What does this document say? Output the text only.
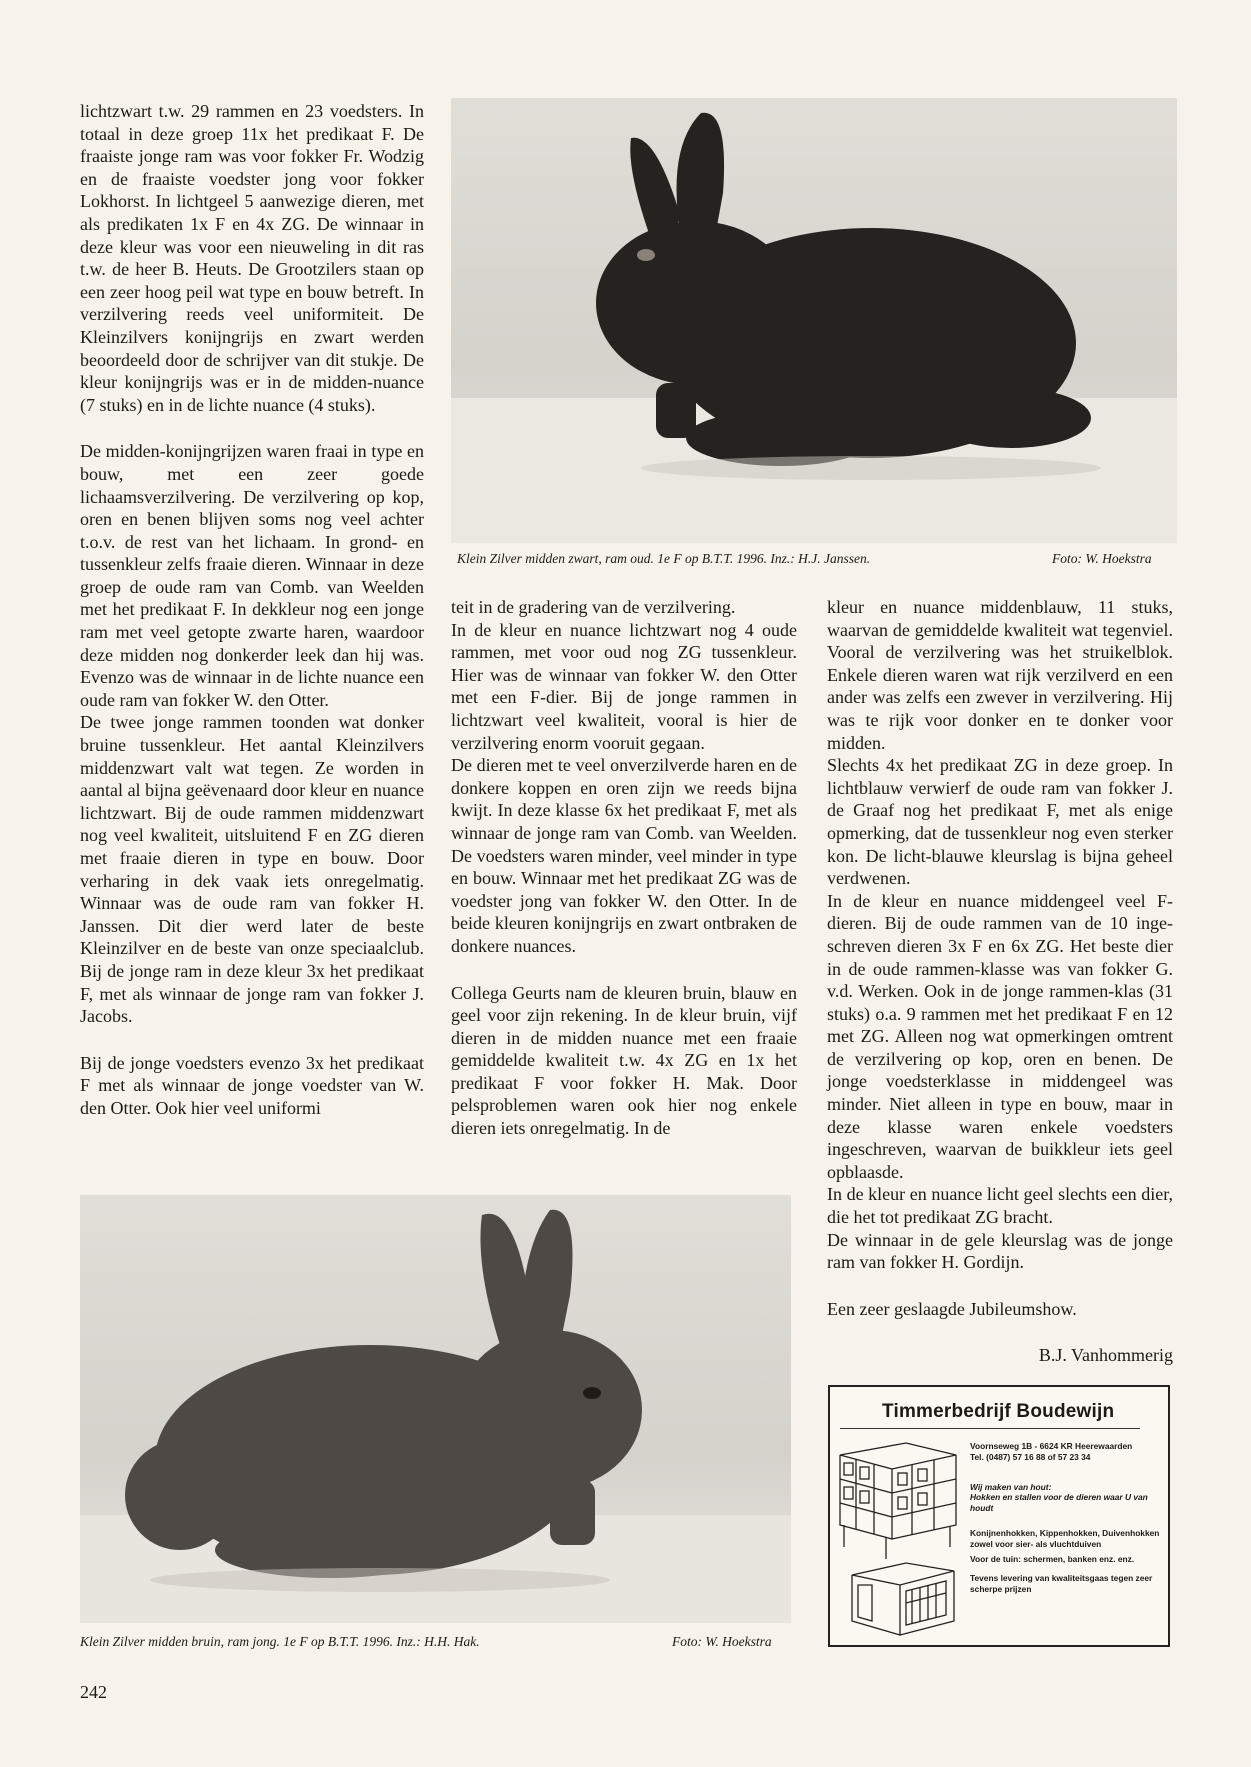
lichtzwart t.w. 29 rammen en 23 voedsters. In totaal in deze groep 11x het predikaat F. De fraaiste jonge ram was voor fokker Fr. Wodzig en de fraaiste voedster jong voor fokker Lokhorst. In lichtgeel 5 aanwezige dieren, met als predikaten 1x F en 4x ZG. De winnaar in deze kleur was voor een nieuweling in dit ras t.w. de heer B. Heuts. De Grootzilers staan op een zeer hoog peil wat type en bouw betreft. In verzilvering reeds veel uniformiteit. De Kleinzilvers konijngrijs en zwart werden beoordeeld door de schrijver van dit stukje. De kleur konijngrijs was er in de midden-nuance (7 stuks) en in de lichte nuance (4 stuks).

De midden-konijngrijzen waren fraai in type en bouw, met een zeer goede lichaamsverzilvering. De verzilvering op kop, oren en benen blijven soms nog veel achter t.o.v. de rest van het lichaam. In grond- en tussenkleur zelfs fraaie dieren. Winnaar in deze groep de oude ram van Comb. van Weelden met het predikaat F. In dekkleur nog een jonge ram met veel getopte zwarte haren, waardoor deze midden nog donkerder leek dan hij was. Evenzo was de winnaar in de lichte nuance een oude ram van fokker W. den Otter.

De twee jonge rammen toonden wat donker bruine tussenkleur. Het aantal Kleinzilvers middenzwart valt wat tegen. Ze worden in aantal al bijna geëvenaard door kleur en nuance lichtzwart. Bij de oude rammen middenzwart nog veel kwaliteit, uitsluitend F en ZG dieren met fraaie dieren in type en bouw. Door verharing in dek vaak iets onregelmatig. Winnaar was de oude ram van fokker H. Janssen. Dit dier werd later de beste Kleinzilver en de beste van onze speciaalclub. Bij de jonge ram in deze kleur 3x het predikaat F, met als winnaar de jonge ram van fokker J. Jacobs.

Bij de jonge voedsters evenzo 3x het predikaat F met als winnaar de jonge voedster van W. den Otter. Ook hier veel uniformi

Klein Zilver midden zwart, ram oud. 1e F op B.T.T. 1996. Inz.: H.J. Janssen.	Foto: W. Hoekstra

teit in de gradering van de verzilvering.

In de kleur en nuance lichtzwart nog 4 oude rammen, met voor oud nog ZG tussenkleur. Hier was de winnaar van fokker W. den Otter met een F-dier. Bij de jonge rammen in lichtzwart veel kwaliteit, vooral is hier de verzilvering enorm vooruit gegaan.

De dieren met te veel onverzilverde haren en de donkere koppen en oren zijn we reeds bijna kwijt. In deze klasse 6x het predikaat F, met als winnaar de jonge ram van Comb. van Weelden. De voedsters waren minder, veel minder in type en bouw. Winnaar met het predikaat ZG was de voedster jong van fokker W. den Otter. In de beide kleuren konijngrijs en zwart ontbraken de donkere nuances.

Collega Geurts nam de kleuren bruin, blauw en geel voor zijn rekening. In de kleur bruin, vijf dieren in de midden nuance met een fraaie gemiddelde kwaliteit t.w. 4x ZG en 1x het predikaat F voor fokker H. Mak. Door pelsproblemen waren ook hier nog enkele dieren iets onregelmatig. In de

kleur en nuance middenblauw, 11 stuks, waarvan de gemiddelde kwaliteit wat tegenviel. Vooral de verzilvering was het struikelblok. Enkele dieren waren wat rijk verzilverd en een ander was zelfs een zwever in verzilvering. Hij was te rijk voor donker en te donker voor midden.

Slechts 4x het predikaat ZG in deze groep. In lichtblauw verwierf de oude ram van fokker J. de Graaf nog het predikaat F, met als enige opmerking, dat de tussenkleur nog even sterker kon. De licht-blauwe kleurslag is bijna geheel verdwenen.

In de kleur en nuance middengeel veel F-dieren. Bij de oude rammen van de 10 ingeschreven dieren 3x F en 6x ZG. Het beste dier in de oude rammen-klasse was van fokker G. v.d. Werken. Ook in de jonge rammen-klas (31 stuks) o.a. 9 rammen met het predikaat F en 12 met ZG. Alleen nog wat opmerkingen omtrent de verzilvering op kop, oren en benen. De jonge voedsterklasse in middengeel was minder. Niet alleen in type en bouw, maar in deze klasse waren enkele voedsters ingeschreven, waarvan de buikkleur iets geel opblaasde.

In de kleur en nuance licht geel slechts een dier, die het tot predikaat ZG bracht.

De winnaar in de gele kleurslag was de jonge ram van fokker H. Gordijn.

Een zeer geslaagde Jubileumshow.

B.J. Vanhommerig

Klein Zilver midden bruin, ram jong. 1e F op B.T.T. 1996. Inz.: H.H. Hak.	Foto: W. Hoekstra
Timmerbedrijf Boudewijn
Voornseweg 1B - 6624 KR Heerewaarden
Tel. (0487) 57 16 88 of 57 23 34
Wij maken van hout:
Hokken en stallen voor de dieren waar U van houdt
Konijnenhokken, Kippenhokken, Duivenhokken zowel voor sier- als vluchtduiven
Voor de tuin: schermen, banken enz. enz.
Tevens levering van kwaliteitsgaas tegen zeer scherpe prijzen
242
